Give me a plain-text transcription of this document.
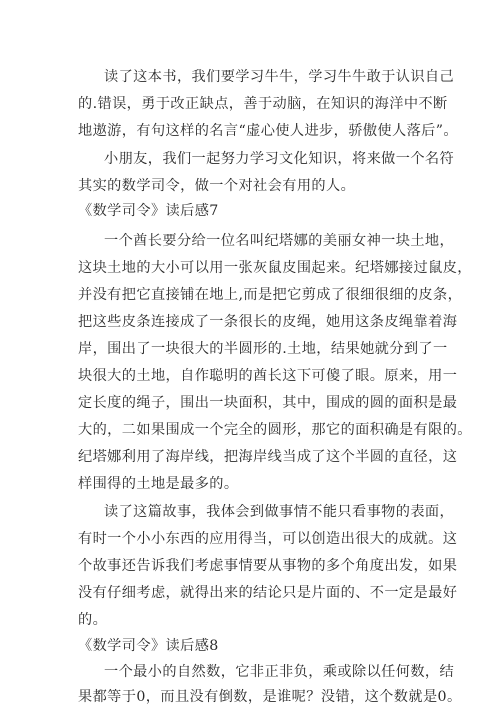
读了这本书，我们要学习牛牛，学习牛牛敢于认识自己
的.错误，勇于改正缺点，善于动脑，在知识的海洋中不断
地遨游，有句这样的名言“虚心使人进步，骄傲使人落后”。
小朋友，我们一起努力学习文化知识，将来做一个名符
其实的数学司令，做一个对社会有用的人。
《数学司令》读后感7
一个酋长要分给一位名叫纪塔娜的美丽女神一块土地，
这块土地的大小可以用一张灰鼠皮围起来。纪塔娜接过鼠皮，
并没有把它直接铺在地上,而是把它剪成了很细很细的皮条，
把这些皮条连接成了一条很长的皮绳，她用这条皮绳靠着海
岸，围出了一块很大的半圆形的.土地，结果她就分到了一
块很大的土地，自作聪明的酋长这下可傻了眼。原来，用一
定长度的绳子，围出一块面积，其中，围成的圆的面积是最
大的，二如果围成一个完全的圆形，那它的面积确是有限的。
纪塔娜利用了海岸线，把海岸线当成了这个半圆的直径，这
样围得的土地是最多的。
读了这篇故事，我体会到做事情不能只看事物的表面，
有时一个小小东西的应用得当，可以创造出很大的成就。这
个故事还告诉我们考虑事情要从事物的多个角度出发，如果
没有仔细考虑，就得出来的结论只是片面的、不一定是最好
的。
《数学司令》读后感8
一个最小的自然数，它非正非负，乘或除以任何数，结
果都等于0，而且没有倒数，是谁呢？没错，这个数就是0。
